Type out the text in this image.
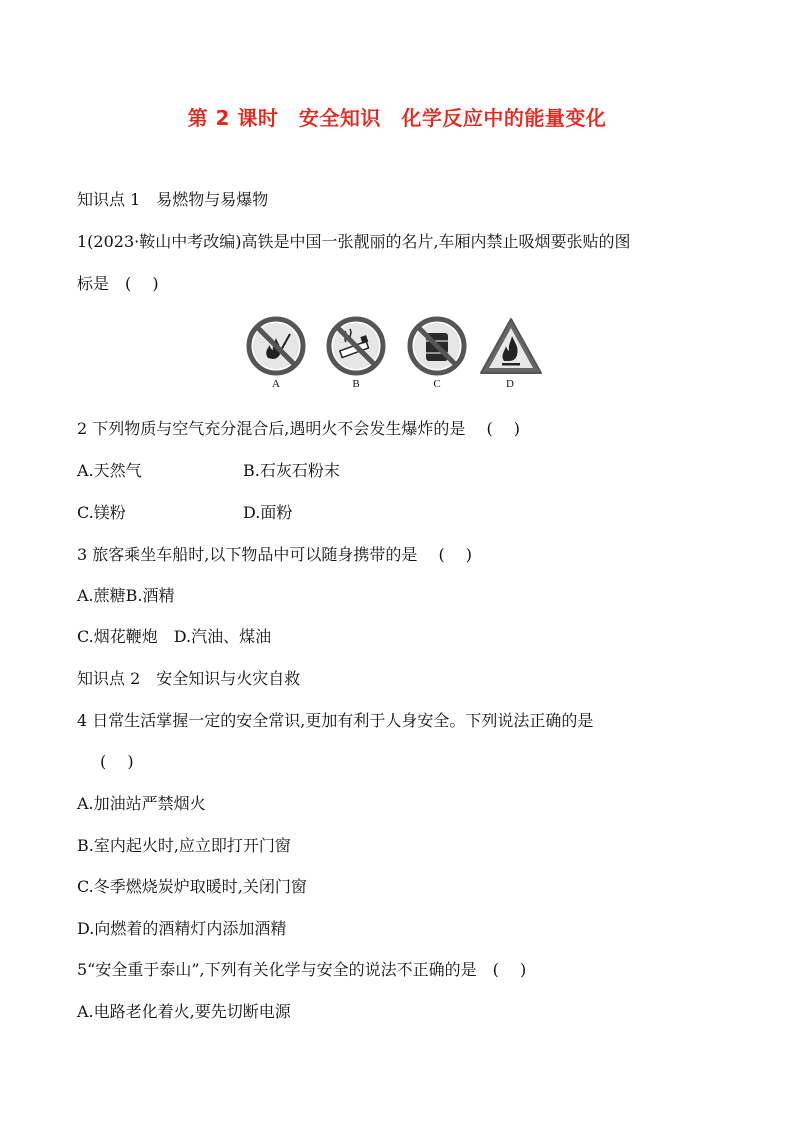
第 2 课时　安全知识　化学反应中的能量变化
知识点 1　易燃物与易爆物
1(2023·鞍山中考改编)高铁是中国一张靓丽的名片,车厢内禁止吸烟要张贴的图
标是　(　 )
A	B	C	D
2 下列物质与空气充分混合后,遇明火不会发生爆炸的是　 (　 )
A.天然气	B.石灰石粉末
C.镁粉	D.面粉
3 旅客乘坐车船时,以下物品中可以随身携带的是　 (　 )
A.蔗糖B.酒精
C.烟花鞭炮　D.汽油、煤油
知识点 2　安全知识与火灾自救
4 日常生活掌握一定的安全常识,更加有利于人身安全。下列说法正确的是
(　 )
A.加油站严禁烟火
B.室内起火时,应立即打开门窗
C.冬季燃烧炭炉取暖时,关闭门窗
D.向燃着的酒精灯内添加酒精
5“安全重于泰山”,下列有关化学与安全的说法不正确的是　(　 )
A.电路老化着火,要先切断电源
